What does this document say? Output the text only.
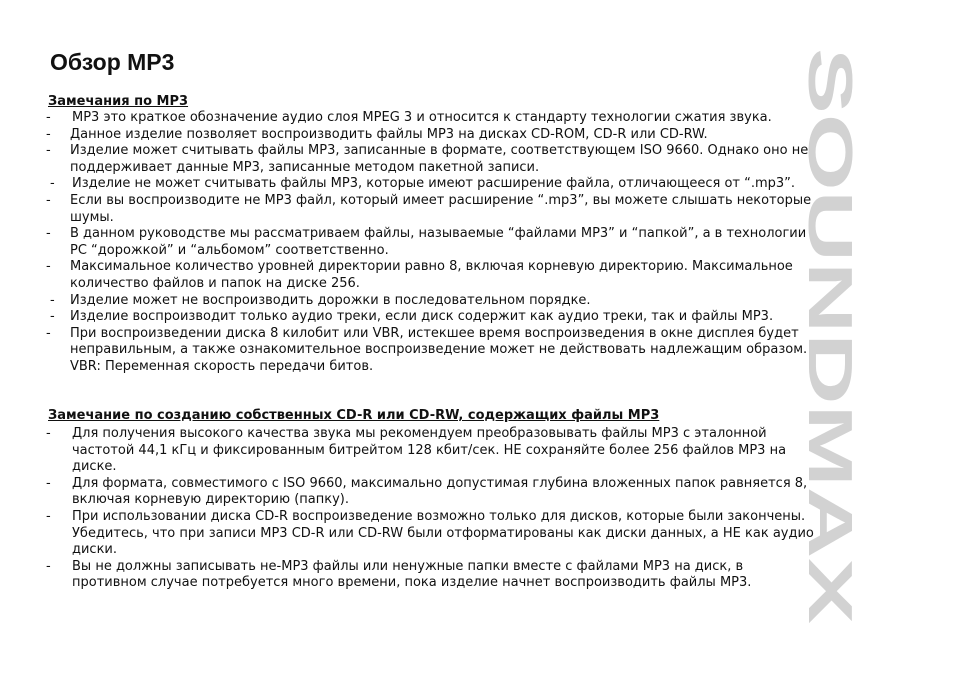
Обзор MP3
Замечания по MP3
-	MP3 это краткое обозначение аудио слоя MPEG 3 и относится к стандарту технологии сжатия звука.
-	Данное изделие позволяет воспроизводить файлы MP3 на дисках CD-ROM, CD-R или CD-RW.
-	Изделие может считывать файлы MP3, записанные в формате, соответствующем ISO 9660. Однако оно не поддерживает данные MP3, записанные методом пакетной записи.
-	Изделие не может считывать файлы MP3, которые имеют расширение файла, отличающееся от “.mp3”.
-	Если вы воспроизводите не MP3 файл, который имеет расширение “.mp3”, вы можете слышать некоторые шумы.
-	В данном руководстве мы рассматриваем файлы, называемые “файлами MP3” и “папкой”, а в технологии PC “дорожкой” и “альбомом” соответственно.
-	Максимальное количество уровней директории равно 8, включая корневую директорию. Максимальное количество файлов и папок на диске 256.
-	Изделие может не воспроизводить дорожки в последовательном порядке.
-	Изделие воспроизводит только аудио треки, если диск содержит как аудио треки, так и файлы MP3.
-	При воспроизведении диска 8 килобит или VBR, истекшее время воспроизведения в окне дисплея будет неправильным, а также ознакомительное воспроизведение может не действовать надлежащим образом. VBR: Переменная скорость передачи битов.
Замечание по созданию собственных CD-R или CD-RW, содержащих файлы MP3
-	Для получения высокого качества звука мы рекомендуем преобразовывать файлы MP3 с эталонной частотой 44,1 кГц и фиксированным битрейтом 128 кбит/сек. НЕ сохраняйте более 256 файлов MP3 на диске.
-	Для формата, совместимого с ISO 9660, максимально допустимая глубина вложенных папок равняется 8, включая корневую директорию (папку).
-	При использовании диска CD-R воспроизведение возможно только для дисков, которые были закончены. Убедитесь, что при записи MP3 CD-R или CD-RW были отформатированы как диски данных, а НЕ как аудио диски.
-	Вы не должны записывать не-MP3 файлы или ненужные папки вместе с файлами MP3 на диск, в противном случае потребуется много времени, пока изделие начнет воспроизводить файлы MP3.
SOUNDMAX
